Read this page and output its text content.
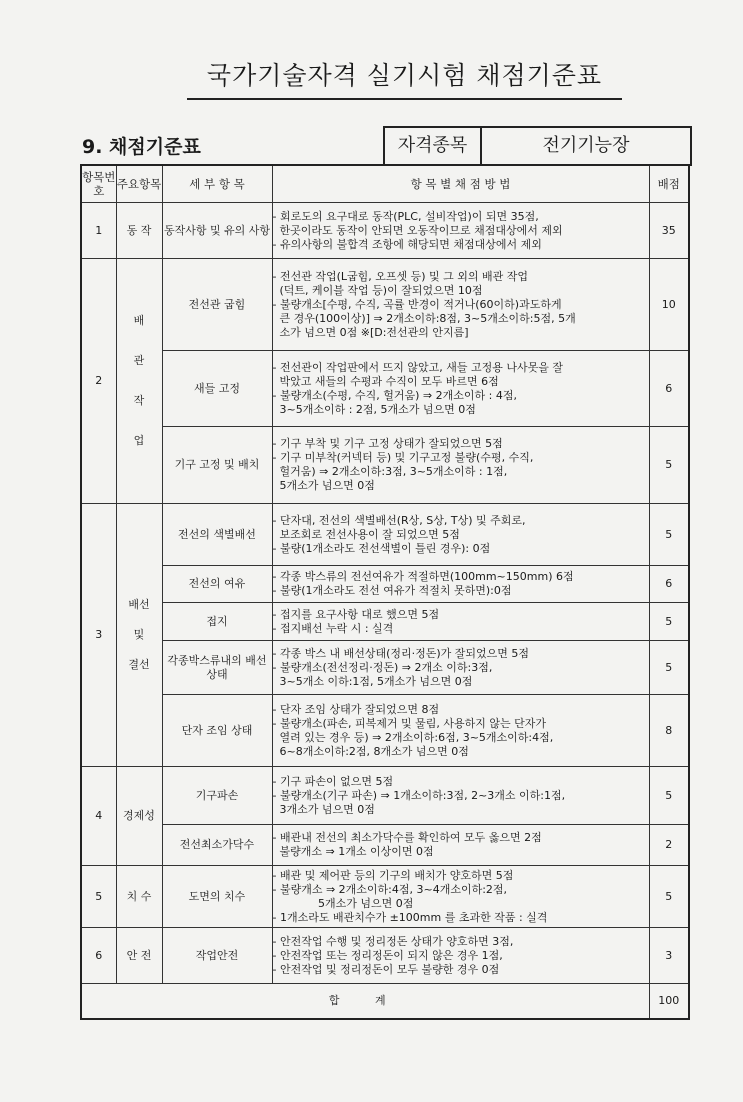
국가기술자격 실기시험 채점기준표
9. 채점기준표	자격종목	전기기능장
항목번호	주요항목	세 부 항 목	항 목 별 채 점 방 법	배점
1	동 작	동작사항 및 유의 사항	- 회로도의 요구대로 동작(PLC, 설비작업)이 되면 35점,
한곳이라도 동작이 안되면 오동작이므로 채점대상에서 제외
- 유의사항의 불합격 조항에 해당되면 채점대상에서 제외	35
2	배 관 작 업	전선관 굽힘	- 전선관 작업(L굽힘, 오프셋 등) 및 그 외의 배관 작업
(덕트, 케이블 작업 등)이 잘되었으면 10점
- 불량개소[수평, 수직, 곡률 반경이 적거나(60이하)과도하게
큰 경우(100이상)] ⇒ 2개소이하:8점, 3~5개소이하:5점, 5개
소가 넘으면 0점 ※[D:전선관의 안지름]	10
		새들 고정	- 전선관이 작업판에서 뜨지 않았고, 새들 고정용 나사못을 잘
박았고 새들의 수평과 수직이 모두 바르면 6점
- 불량개소(수평, 수직, 헐거움) ⇒ 2개소이하 : 4점,
3~5개소이하 : 2점, 5개소가 넘으면 0점	6
		기구 고정 및 배치	- 기구 부착 및 기구 고정 상태가 잘되었으면 5점
- 기구 미부착(커넥터 등) 및 기구고정 불량(수평, 수직,
헐거움) ⇒ 2개소이하:3점, 3~5개소이하 : 1점,
5개소가 넘으면 0점	5
3	배선 및 결선	전선의 색별배선	- 단자대, 전선의 색별배선(R상, S상, T상) 및 주회로,
보조회로 전선사용이 잘 되었으면 5점
- 불량(1개소라도 전선색별이 틀린 경우): 0점	5
		전선의 여유	- 각종 박스류의 전선여유가 적절하면(100mm~150mm) 6점
- 불량(1개소라도 전선 여유가 적절치 못하면):0점	6
		접지	- 접지를 요구사항 대로 했으면 5점
- 접지배선 누락 시 : 실격	5
		각종박스류내의 배선상태	- 각종 박스 내 배선상태(정리·정돈)가 잘되었으면 5점
- 불량개소(전선정리·정돈) ⇒ 2개소 이하:3점,
3~5개소 이하:1점, 5개소가 넘으면 0점	5
		단자 조임 상태	- 단자 조임 상태가 잘되었으면 8점
- 불량개소(파손, 피복제거 및 물림, 사용하지 않는 단자가
열려 있는 경우 등) ⇒ 2개소이하:6점, 3~5개소이하:4점,
6~8개소이하:2점, 8개소가 넘으면 0점	8
4	경제성	기구파손	- 기구 파손이 없으면 5점
- 불량개소(기구 파손) ⇒ 1개소이하:3점, 2~3개소 이하:1점,
3개소가 넘으면 0점	5
		전선최소가닥수	- 배관내 전선의 최소가닥수를 확인하여 모두 옳으면 2점
불량개소 ⇒ 1개소 이상이면 0점	2
5	치 수	도면의 치수	- 배관 및 제어판 등의 기구의 배치가 양호하면 5점
- 불량개소 ⇒ 2개소이하:4점, 3~4개소이하:2점,
5개소가 넘으면 0점
- 1개소라도 배관치수가 ±100mm 를 초과한 작품 : 실격	5
6	안 전	작업안전	- 안전작업 수행 및 정리정돈 상태가 양호하면 3점,
- 안전작업 또는 정리정돈이 되지 않은 경우 1점,
- 안전작업 및 정리정돈이 모두 불량한 경우 0점	3
합 계				100
